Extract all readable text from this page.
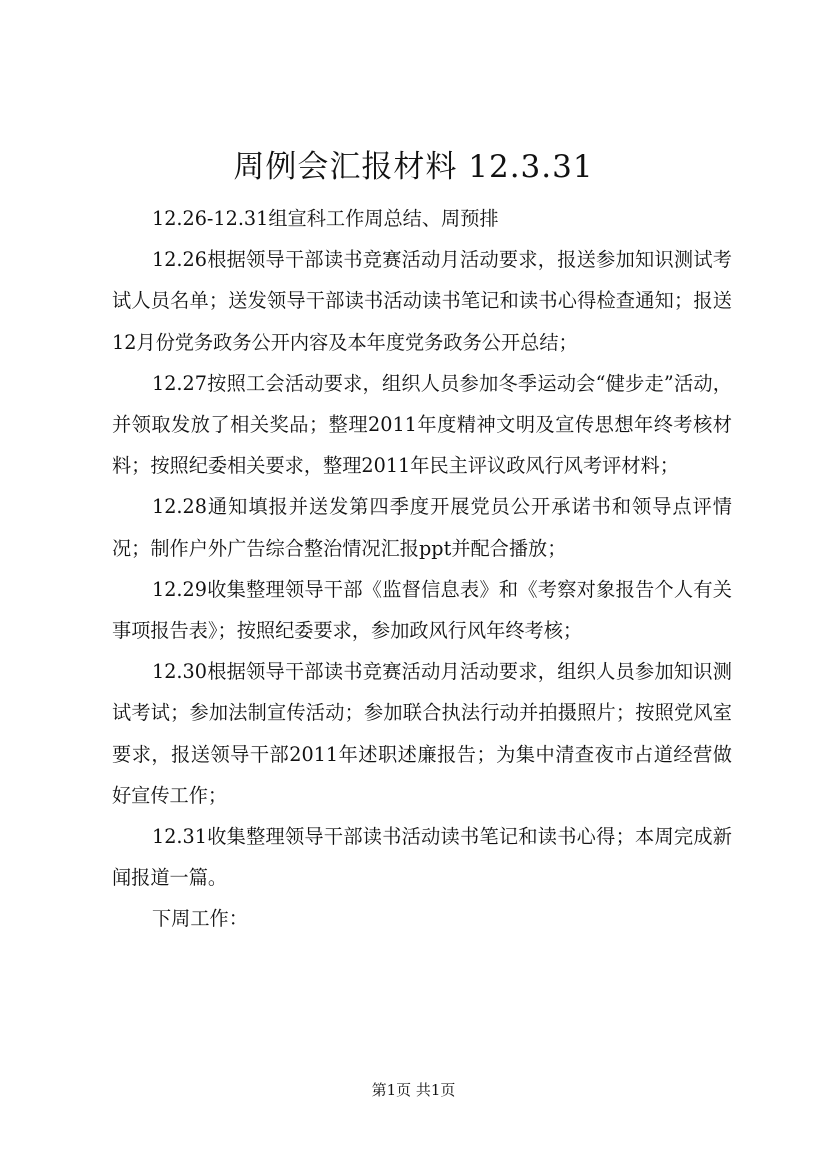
周例会汇报材料 12.3.31

12.26-12.31组宣科工作周总结、周预排

12.26根据领导干部读书竞赛活动月活动要求，报送参加知识测试考试人员名单；送发领导干部读书活动读书笔记和读书心得检查通知；报送12月份党务政务公开内容及本年度党务政务公开总结；

12.27按照工会活动要求，组织人员参加冬季运动会“健步走”活动，并领取发放了相关奖品；整理2011年度精神文明及宣传思想年终考核材料；按照纪委相关要求，整理2011年民主评议政风行风考评材料；

12.28通知填报并送发第四季度开展党员公开承诺书和领导点评情况；制作户外广告综合整治情况汇报ppt并配合播放；

12.29收集整理领导干部《监督信息表》和《考察对象报告个人有关事项报告表》；按照纪委要求，参加政风行风年终考核；

12.30根据领导干部读书竞赛活动月活动要求，组织人员参加知识测试考试；参加法制宣传活动；参加联合执法行动并拍摄照片；按照党风室要求，报送领导干部2011年述职述廉报告；为集中清查夜市占道经营做好宣传工作；

12.31收集整理领导干部读书活动读书笔记和读书心得；本周完成新闻报道一篇。

下周工作：

第1页 共1页
